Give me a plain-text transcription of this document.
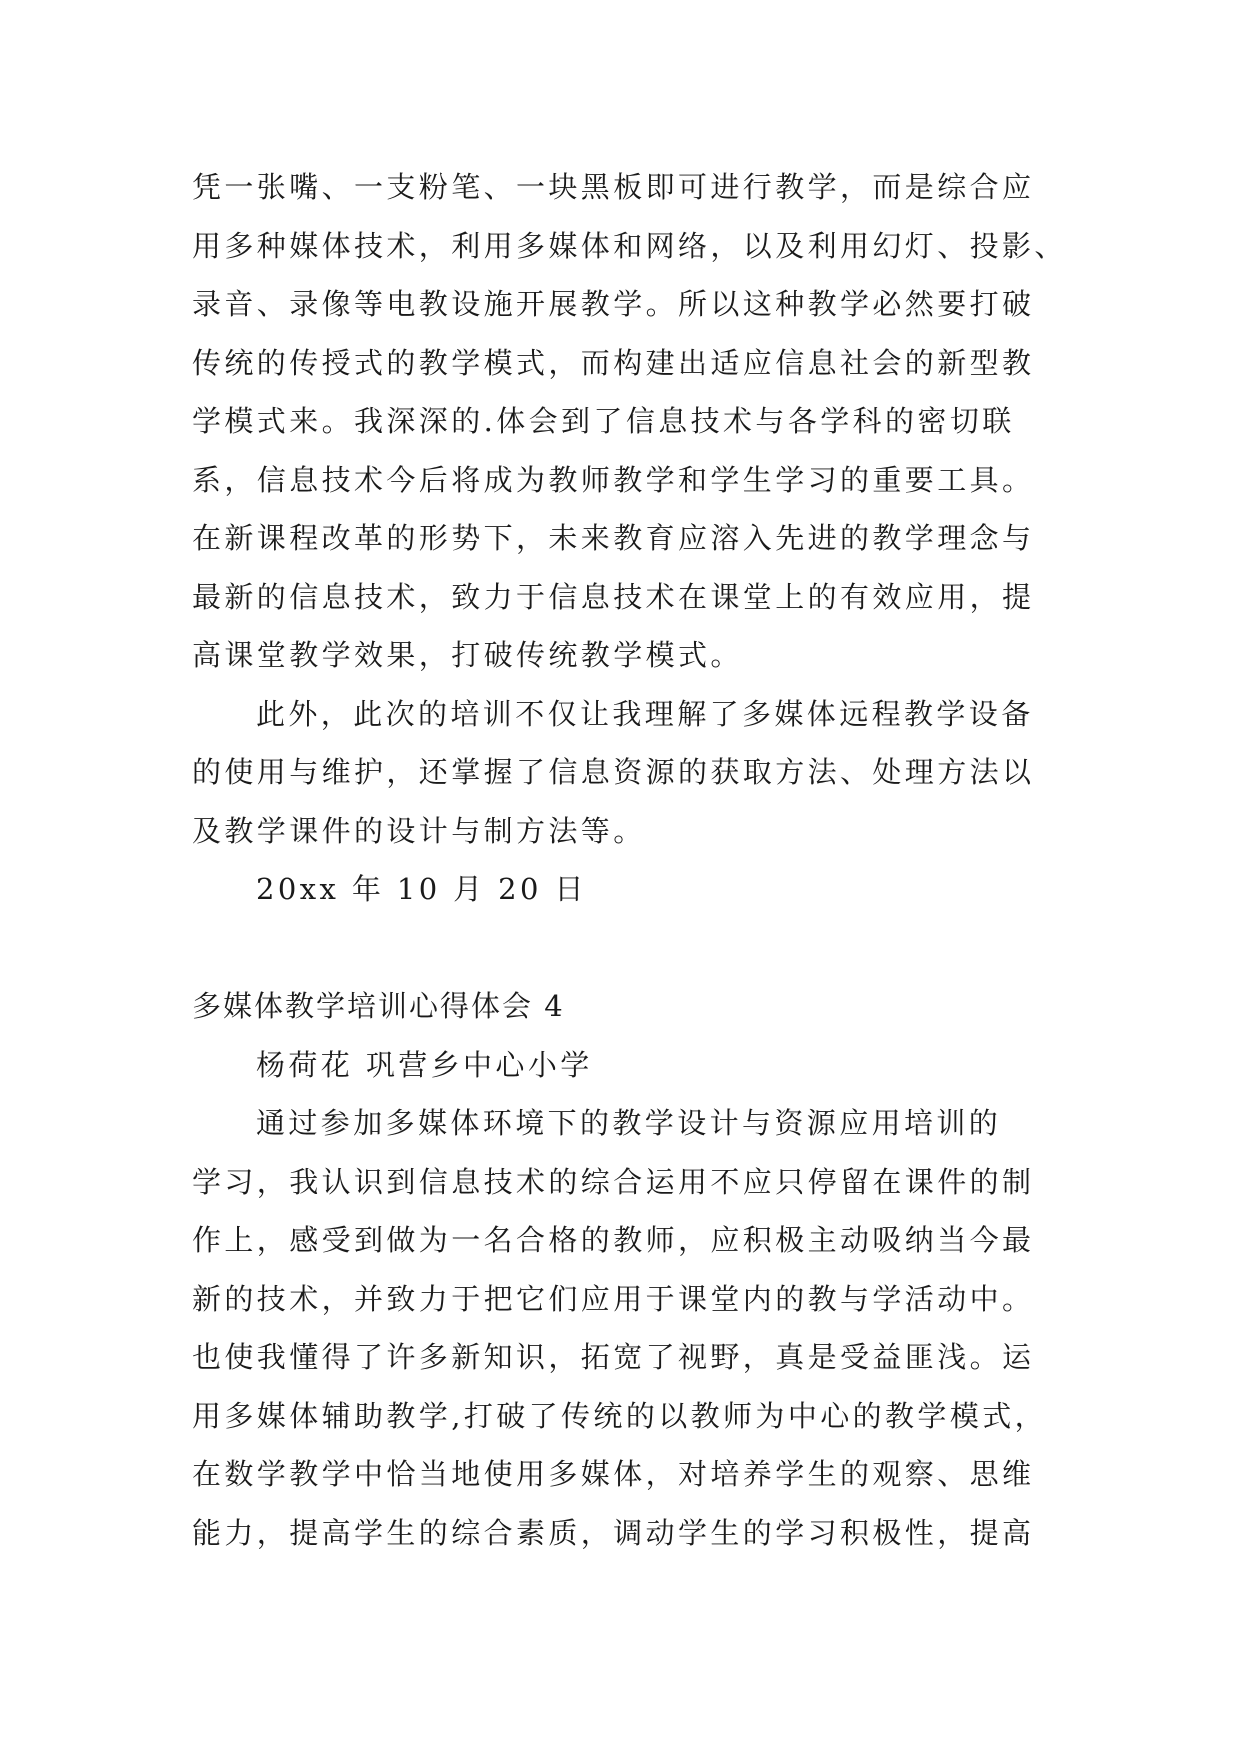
凭一张嘴、一支粉笔、一块黑板即可进行教学，而是综合应
用多种媒体技术，利用多媒体和网络，以及利用幻灯、投影、
录音、录像等电教设施开展教学。所以这种教学必然要打破
传统的传授式的教学模式，而构建出适应信息社会的新型教
学模式来。我深深的.体会到了信息技术与各学科的密切联
系，信息技术今后将成为教师教学和学生学习的重要工具。
在新课程改革的形势下，未来教育应溶入先进的教学理念与
最新的信息技术，致力于信息技术在课堂上的有效应用，提
高课堂教学效果，打破传统教学模式。
此外，此次的培训不仅让我理解了多媒体远程教学设备
的使用与维护，还掌握了信息资源的获取方法、处理方法以
及教学课件的设计与制方法等。
20xx 年 10 月 20 日
多媒体教学培训心得体会 4
杨荷花 巩营乡中心小学
通过参加多媒体环境下的教学设计与资源应用培训的
学习，我认识到信息技术的综合运用不应只停留在课件的制
作上，感受到做为一名合格的教师，应积极主动吸纳当今最
新的技术，并致力于把它们应用于课堂内的教与学活动中。
也使我懂得了许多新知识，拓宽了视野，真是受益匪浅。运
用多媒体辅助教学,打破了传统的以教师为中心的教学模式，
在数学教学中恰当地使用多媒体，对培养学生的观察、思维
能力，提高学生的综合素质，调动学生的学习积极性，提高
